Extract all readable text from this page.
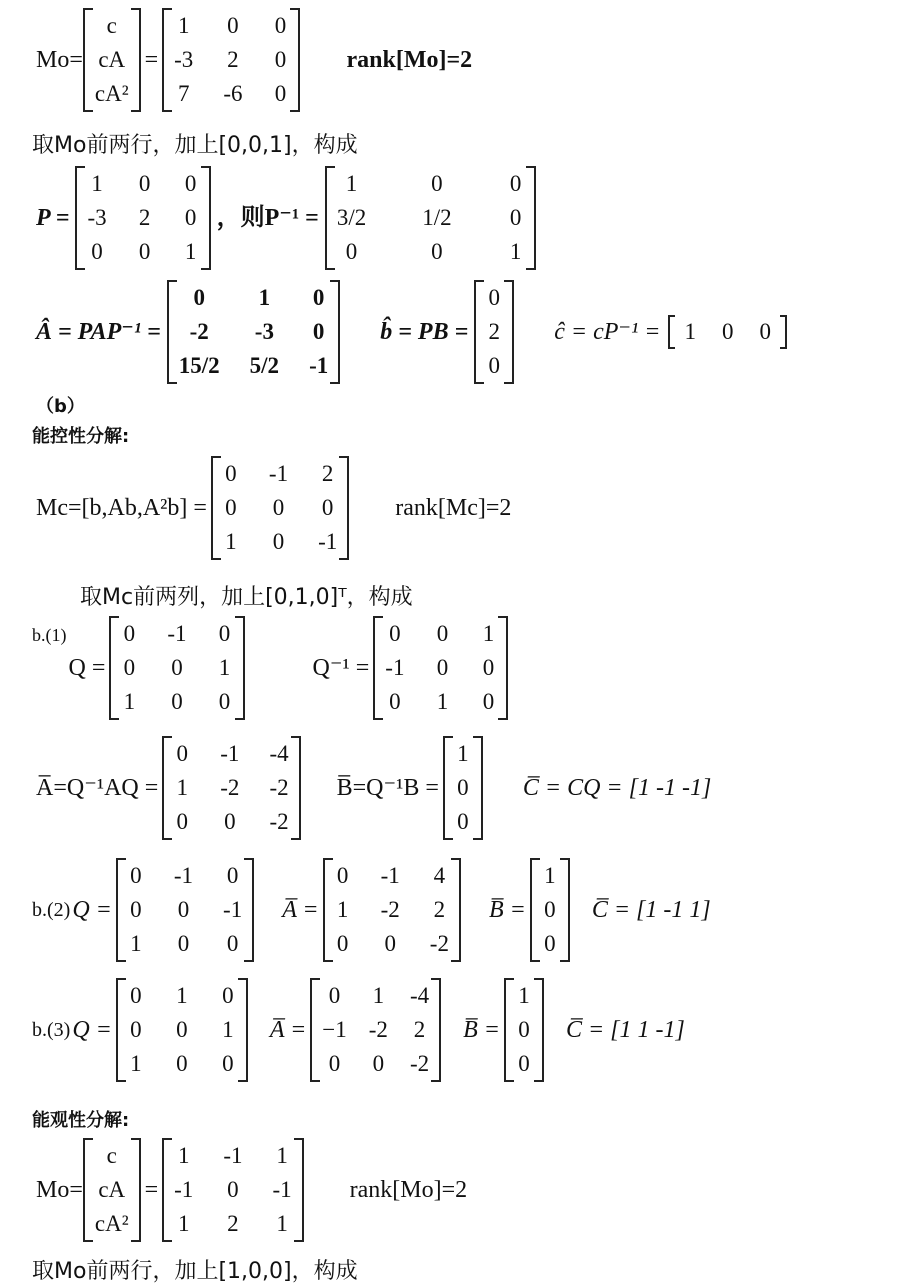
Mo=
c
cA
cA²
=
1 0 0
-3 2 0
7 -6 0
rank[Mo]=2
取Mo前两行，加上[0,0,1]，构成
P =
1 0 0
-3 2 0
0 0 1
，则P⁻¹ =
1	0	0
3/2 1/2	0
0	0	1
Â = PAP⁻¹ =
0	1	0
-2	-3 0
15/2 5/2 -1
b̂ = PB =
0
2
0
ĉ = cP⁻¹ = 1 0 0
（b）
能控性分解:
Mc=[b,Ab,A²b] =
0 -1 2
0 0 0
1 0 -1
rank[Mc]=2
取Mc前两列，加上[0,1,0]ᵀ，构成
b.(1)
Q =
0 -1 0
0 0 1
1 0 0
Q⁻¹ =
0 0 1
-1 0 0
0 1 0
A̅=Q⁻¹AQ =
0 -1 -4
1 -2 -2
0 0 -2
B̅=Q⁻¹B =
1
0
0
C̅ = CQ = [1 -1 -1]
b.(2) Q =
0 -1 0
0 0 -1
1 0 0
A̅ =
0 -1 4
1 -2 2
0 0 -2
B̅ =
1
0
0
C̅ = [1 -1 1]
b.(3) Q =
0 1 0
0 0 1
1 0 0
A̅ =
0 1 -4
−1 -2 2
0 0 -2
B̅ =
1
0
0
C̅ = [1 1 -1]
能观性分解:
Mo=
c
cA
cA²
=
1 -1 1
-1 0 -1
1 2 1
rank[Mo]=2
取Mo前两行，加上[1,0,0]，构成
